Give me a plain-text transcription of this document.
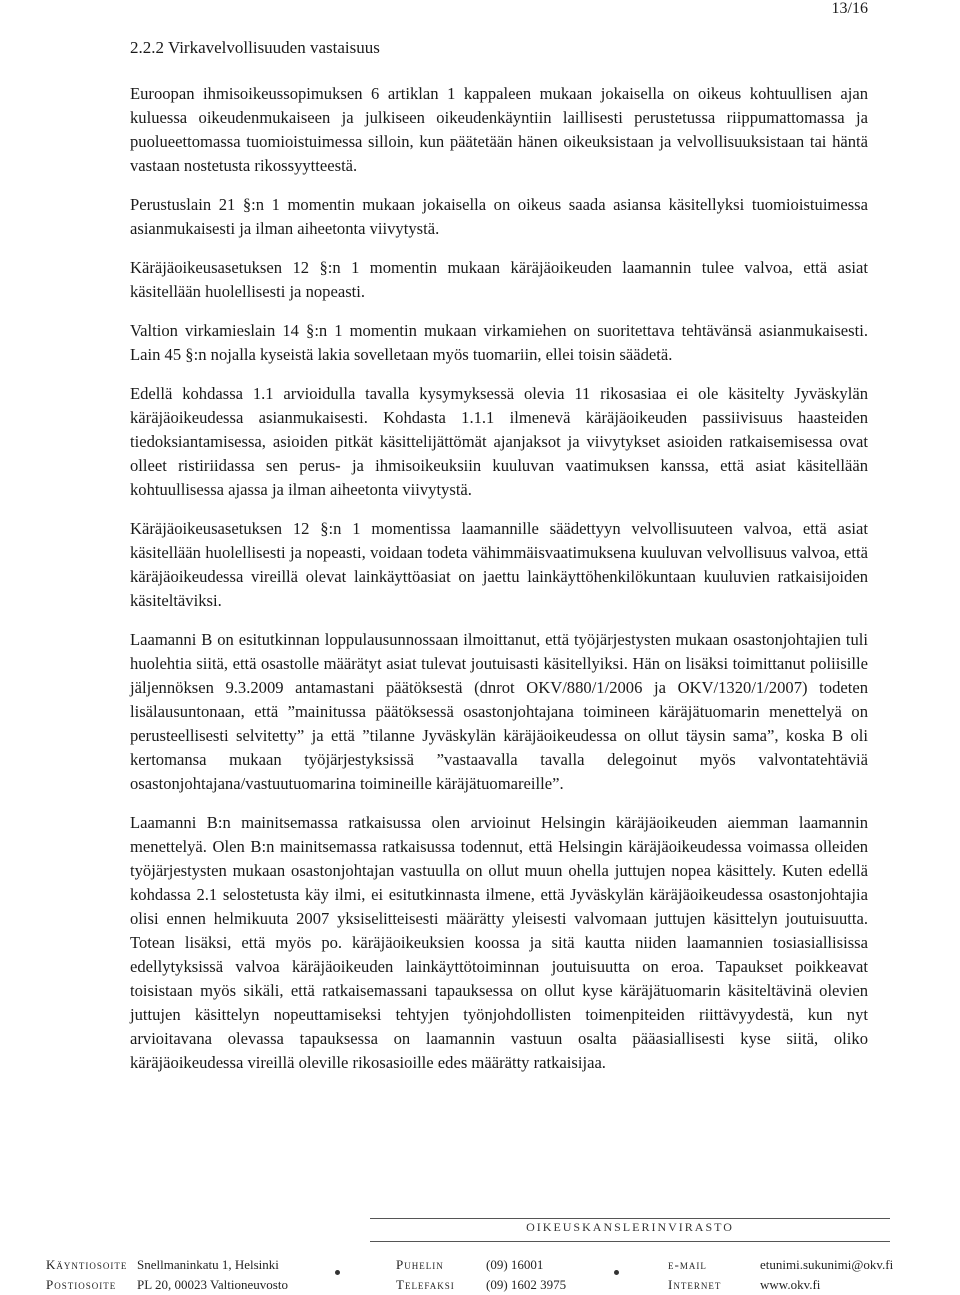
13/16
2.2.2 Virkavelvollisuuden vastaisuus

Euroopan ihmisoikeussopimuksen 6 artiklan 1 kappaleen mukaan jokaisella on oikeus kohtuullisen ajan kuluessa oikeudenmukaiseen ja julkiseen oikeudenkäyntiin laillisesti perustetussa riippumattomassa ja puolueettomassa tuomioistuimessa silloin, kun päätetään hänen oikeuksistaan ja velvollisuuksistaan tai häntä vastaan nostetusta rikossyytteestä.

Perustuslain 21 §:n 1 momentin mukaan jokaisella on oikeus saada asiansa käsitellyksi tuomioistuimessa asianmukaisesti ja ilman aiheetonta viivytystä.

Käräjäoikeusasetuksen 12 §:n 1 momentin mukaan käräjäoikeuden laamannin tulee valvoa, että asiat käsitellään huolellisesti ja nopeasti.

Valtion virkamieslain 14 §:n 1 momentin mukaan virkamiehen on suoritettava tehtävänsä asianmukaisesti. Lain 45 §:n nojalla kyseistä lakia sovelletaan myös tuomariin, ellei toisin säädetä.

Edellä kohdassa 1.1 arvioidulla tavalla kysymyksessä olevia 11 rikosasiaa ei ole käsitelty Jyväskylän käräjäoikeudessa asianmukaisesti. Kohdasta 1.1.1 ilmenevä käräjäoikeuden passiivisuus haasteiden tiedoksiantamisessa, asioiden pitkät käsittelijättömät ajanjaksot ja viivytykset asioiden ratkaisemisessa ovat olleet ristiriidassa sen perus- ja ihmisoikeuksiin kuuluvan vaatimuksen kanssa, että asiat käsitellään kohtuullisessa ajassa ja ilman aiheetonta viivytystä.

Käräjäoikeusasetuksen 12 §:n 1 momentissa laamannille säädettyyn velvollisuuteen valvoa, että asiat käsitellään huolellisesti ja nopeasti, voidaan todeta vähimmäisvaatimuksena kuuluvan velvollisuus valvoa, että käräjäoikeudessa vireillä olevat lainkäyttöasiat on jaettu lainkäyttöhenkilökuntaan kuuluvien ratkaisijoiden käsiteltäviksi.

Laamanni B on esitutkinnan loppulausunnossaan ilmoittanut, että työjärjestysten mukaan osastonjohtajien tuli huolehtia siitä, että osastolle määrätyt asiat tulevat joutuisasti käsitellyiksi. Hän on lisäksi toimittanut poliisille jäljennöksen 9.3.2009 antamastani päätöksestä (dnrot OKV/880/1/2006 ja OKV/1320/1/2007) todeten lisälausuntonaan, että ”mainitussa päätöksessä osastonjohtajana toimineen käräjätuomarin menettelyä on perusteellisesti selvitetty” ja että ”tilanne Jyväskylän käräjäoikeudessa on ollut täysin sama”, koska B oli kertomansa mukaan työjärjestyksissä ”vastaavalla tavalla delegoinut myös valvontatehtäviä osastonjohtajana/vastuutuomarina toimineille käräjätuomareille”.

Laamanni B:n mainitsemassa ratkaisussa olen arvioinut Helsingin käräjäoikeuden aiemman laamannin menettelyä. Olen B:n mainitsemassa ratkaisussa todennut, että Helsingin käräjäoikeudessa voimassa olleiden työjärjestysten mukaan osastonjohtajan vastuulla on ollut muun ohella juttujen nopea käsittely. Kuten edellä kohdassa 2.1 selostetusta käy ilmi, ei esitutkinnasta ilmene, että Jyväskylän käräjäoikeudessa osastonjohtajia olisi ennen helmikuuta 2007 yksiselitteisesti määrätty yleisesti valvomaan juttujen käsittelyn joutuisuutta. Totean lisäksi, että myös po. käräjäoikeuksien koossa ja sitä kautta niiden laamannien tosiasiallisissa edellytyksissä valvoa käräjäoikeuden lainkäyttötoiminnan joutuisuutta on eroa. Tapaukset poikkeavat toisistaan myös sikäli, että ratkaisemassani tapauksessa on ollut kyse käräjätuomarin käsiteltävinä olevien juttujen käsittelyn nopeuttamiseksi tehtyjen työnjohdollisten toimenpiteiden riittävyydestä, kun nyt arvioitavana olevassa tapauksessa on laamannin vastuun osalta pääasiallisesti kyse siitä, oliko käräjäoikeudessa vireillä oleville rikosasioille edes määrätty ratkaisijaa.

OIKEUSKANSLERINVIRASTO
Käyntiosoite
Postiosoite
Snellmaninkatu 1, Helsinki
PL 20, 00023 Valtioneuvosto
Puhelin
Telefaksi
(09) 16001
(09) 1602 3975
e-mail
Internet
etunimi.sukunimi@okv.fi
www.okv.fi
